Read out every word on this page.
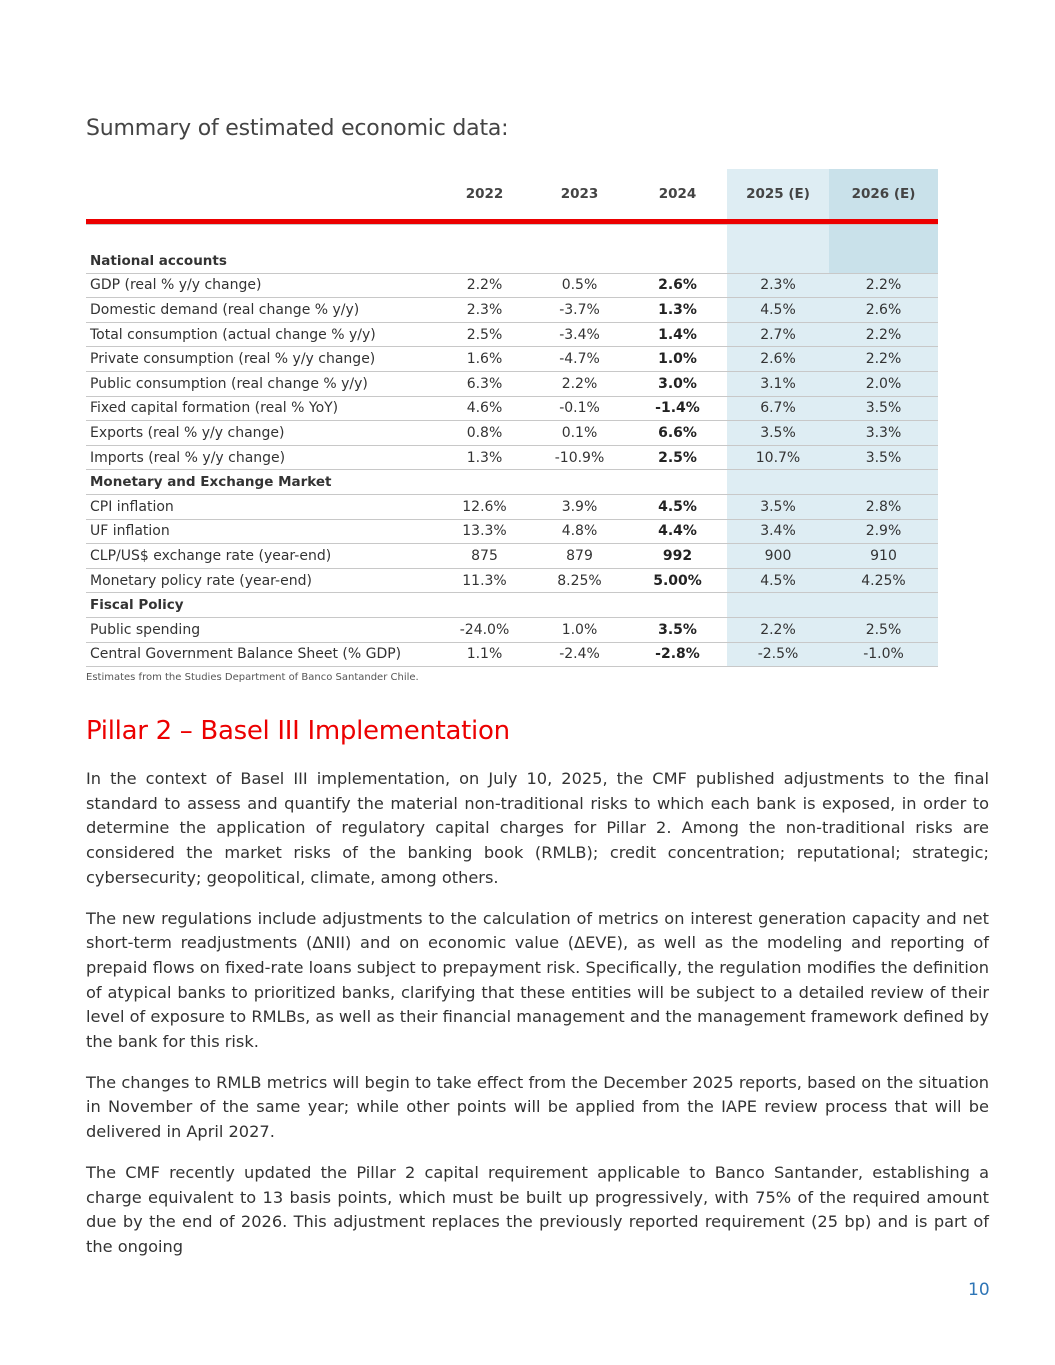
Summary of estimated economic data:
	2022	2023	2024	2025 (E)	2026 (E)

National accounts					
GDP (real % y/y change)	2.2%	0.5%	2.6%	2.3%	2.2%
Domestic demand (real change % y/y)	2.3%	-3.7%	1.3%	4.5%	2.6%
Total consumption (actual change % y/y)	2.5%	-3.4%	1.4%	2.7%	2.2%
Private consumption (real % y/y change)	1.6%	-4.7%	1.0%	2.6%	2.2%
Public consumption (real change % y/y)	6.3%	2.2%	3.0%	3.1%	2.0%
Fixed capital formation (real % YoY)	4.6%	-0.1%	-1.4%	6.7%	3.5%
Exports (real % y/y change)	0.8%	0.1%	6.6%	3.5%	3.3%
Imports (real % y/y change)	1.3%	-10.9%	2.5%	10.7%	3.5%
Monetary and Exchange Market					
CPI inflation	12.6%	3.9%	4.5%	3.5%	2.8%
UF inflation	13.3%	4.8%	4.4%	3.4%	2.9%
CLP/US$ exchange rate (year-end)	875	879	992	900	910
Monetary policy rate (year-end)	11.3%	8.25%	5.00%	4.5%	4.25%
Fiscal Policy					
Public spending	-24.0%	1.0%	3.5%	2.2%	2.5%
Central Government Balance Sheet (% GDP)	1.1%	-2.4%	-2.8%	-2.5%	-1.0%

Estimates from the Studies Department of Banco Santander Chile.

Pillar 2 – Basel III Implementation

In the context of Basel III implementation, on July 10, 2025, the CMF published adjustments to the final standard to assess and quantify the material non-traditional risks to which each bank is exposed, in order to determine the application of regulatory capital charges for Pillar 2. Among the non-traditional risks are considered the market risks of the banking book (RMLB); credit concentration; reputational; strategic; cybersecurity; geopolitical, climate, among others.

The new regulations include adjustments to the calculation of metrics on interest generation capacity and net short-term readjustments (ΔNII) and on economic value (ΔEVE), as well as the modeling and reporting of prepaid flows on fixed-rate loans subject to prepayment risk. Specifically, the regulation modifies the definition of atypical banks to prioritized banks, clarifying that these entities will be subject to a detailed review of their level of exposure to RMLBs, as well as their financial management and the management framework defined by the bank for this risk.

The changes to RMLB metrics will begin to take effect from the December 2025 reports, based on the situation in November of the same year; while other points will be applied from the IAPE review process that will be delivered in April 2027.

The CMF recently updated the Pillar 2 capital requirement applicable to Banco Santander, establishing a charge equivalent to 13 basis points, which must be built up progressively, with 75% of the required amount due by the end of 2026. This adjustment replaces the previously reported requirement (25 bp) and is part of the ongoing

10
